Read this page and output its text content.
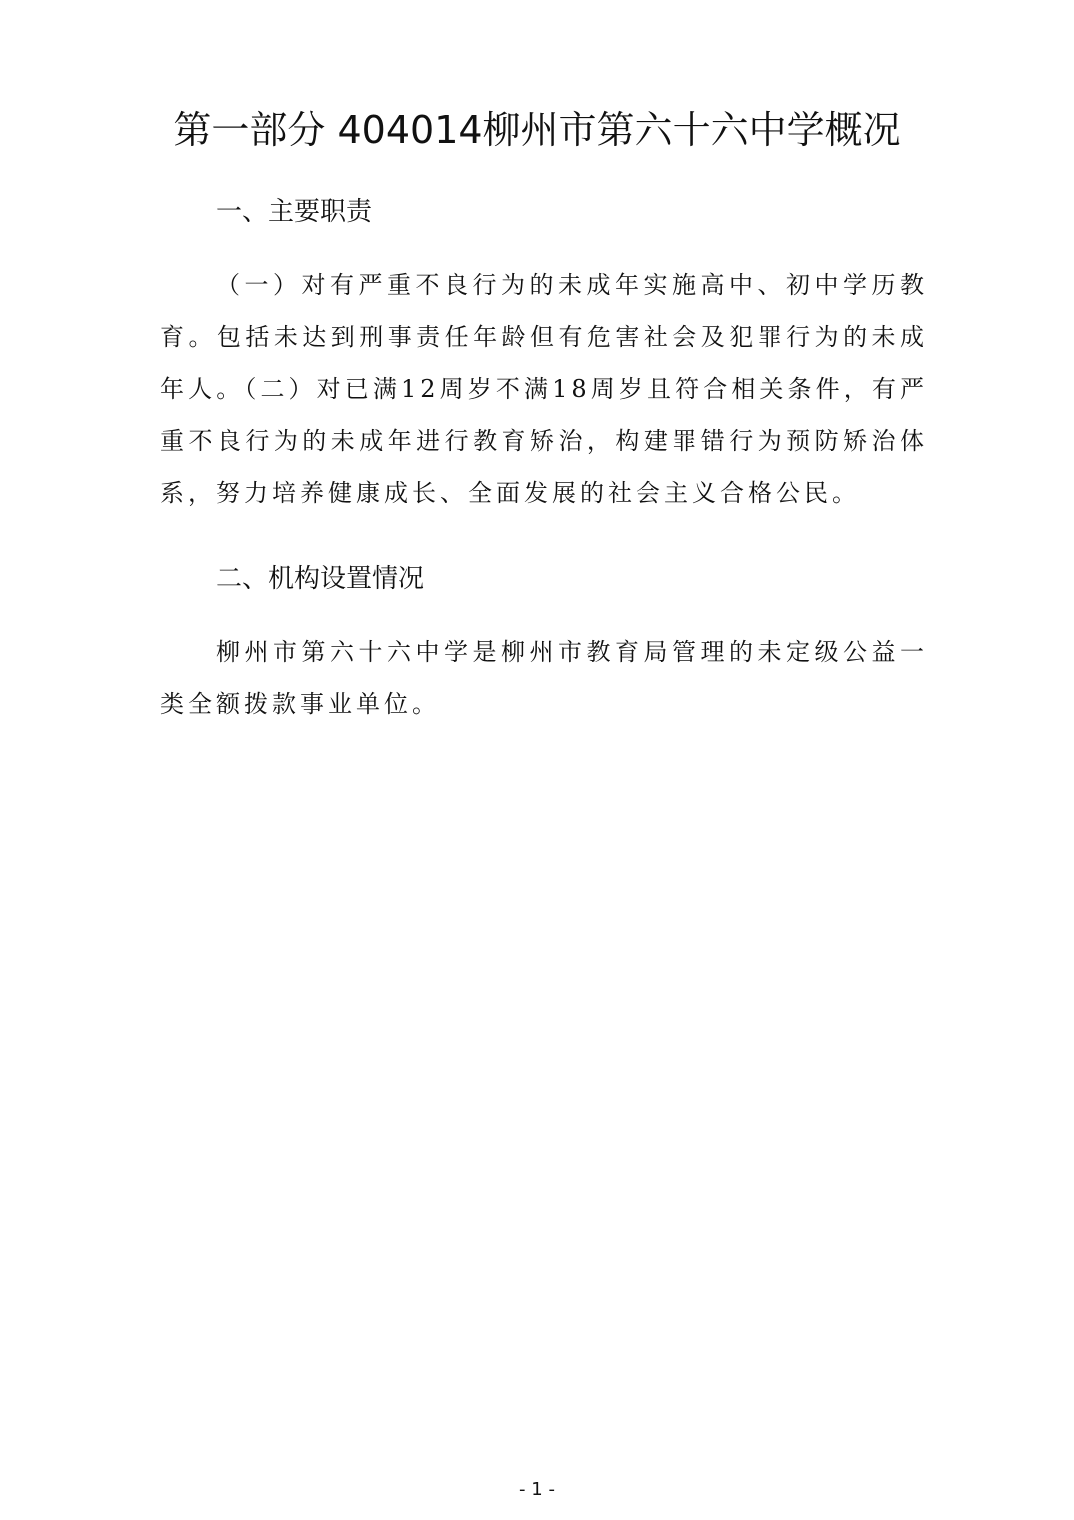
第一部分 404014柳州市第六十六中学概况
一、主要职责

（一）对有严重不良行为的未成年实施高中、初中学历教育。包括未达到刑事责任年龄但有危害社会及犯罪行为的未成年人。（二）对已满12周岁不满18周岁且符合相关条件，有严重不良行为的未成年进行教育矫治，构建罪错行为预防矫治体系，努力培养健康成长、全面发展的社会主义合格公民。

二、机构设置情况

柳州市第六十六中学是柳州市教育局管理的未定级公益一类全额拨款事业单位。

- 1 -
